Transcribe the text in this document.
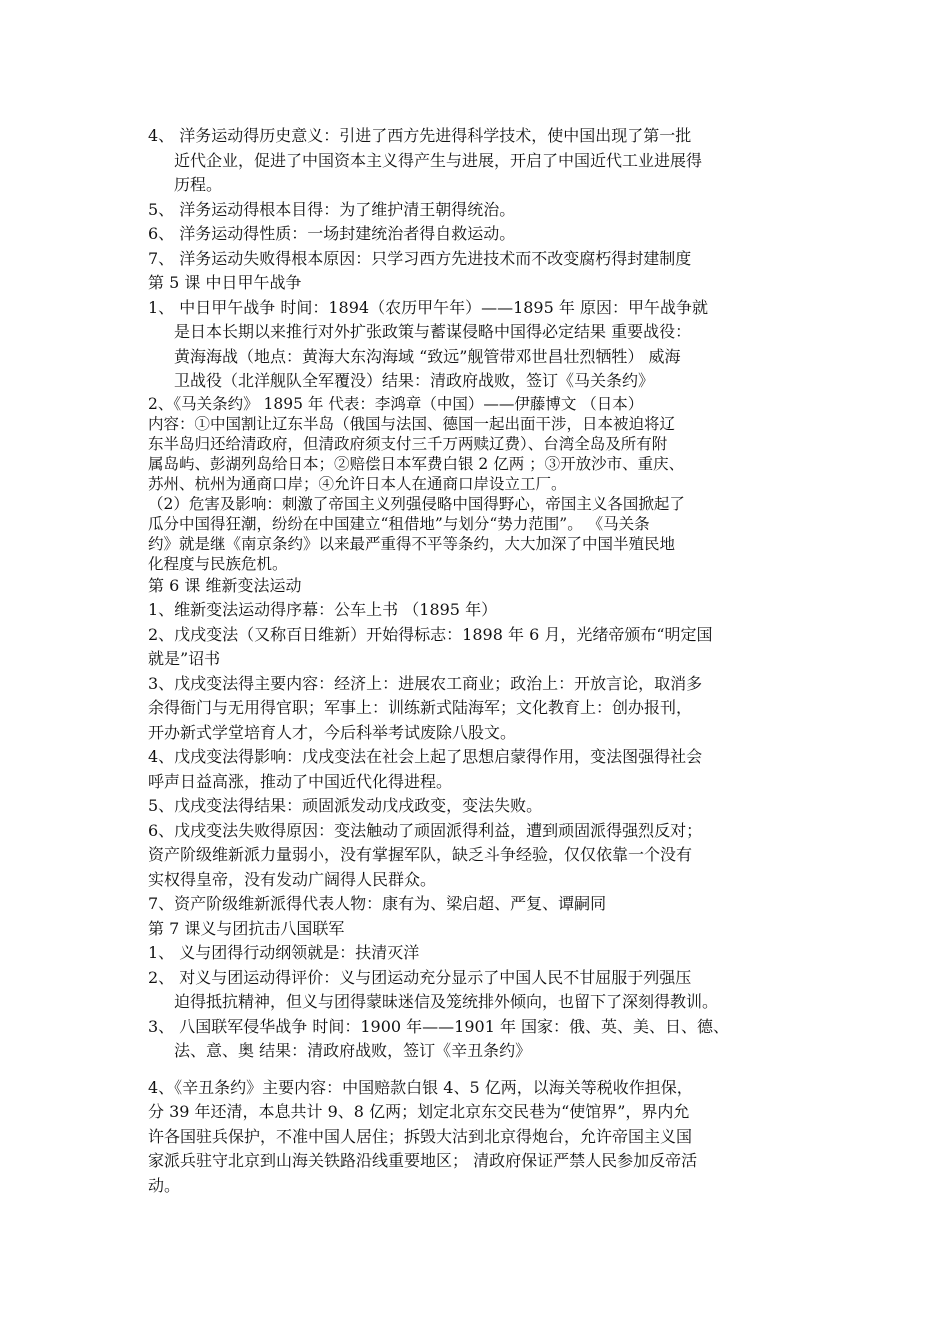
4、 洋务运动得历史意义：引进了西方先进得科学技术，使中国出现了第一批

近代企业，促进了中国资本主义得产生与进展，开启了中国近代工业进展得

历程。

5、 洋务运动得根本目得：为了维护清王朝得统治。

6、 洋务运动得性质：一场封建统治者得自救运动。

7、 洋务运动失败得根本原因：只学习西方先进技术而不改变腐朽得封建制度

第 5 课 中日甲午战争

1、 中日甲午战争 时间：1894（农历甲午年）——1895 年 原因：甲午战争就

是日本长期以来推行对外扩张政策与蓄谋侵略中国得必定结果 重要战役：

黄海海战（地点：黄海大东沟海域 “致远”舰管带邓世昌壮烈牺牲） 威海

卫战役（北洋舰队全军覆没）结果：清政府战败，签订《马关条约》

2、《马关条约》 1895 年 代表：李鸿章（中国）——伊藤博文 （日本）

内容：①中国割让辽东半岛（俄国与法国、德国一起出面干涉，日本被迫将辽

东半岛归还给清政府，但清政府须支付三千万两赎辽费）、台湾全岛及所有附

属岛屿、彭湖列岛给日本；②赔偿日本军费白银 2 亿两 ；③开放沙市、重庆、

苏州、杭州为通商口岸；④允许日本人在通商口岸设立工厂。

（2）危害及影响：刺激了帝国主义列强侵略中国得野心，帝国主义各国掀起了

瓜分中国得狂潮，纷纷在中国建立“租借地”与划分“势力范围”。 《马关条

约》就是继《南京条约》以来最严重得不平等条约，大大加深了中国半殖民地

化程度与民族危机。

第 6 课 维新变法运动

1、维新变法运动得序幕：公车上书 （1895 年）

2、戊戌变法（又称百日维新）开始得标志：1898 年 6 月，光绪帝颁布“明定国

就是”诏书

3、戊戌变法得主要内容：经济上：进展农工商业；政治上：开放言论，取消多

余得衙门与无用得官职；军事上：训练新式陆海军；文化教育上：创办报刊，

开办新式学堂培育人才，今后科举考试废除八股文。

4、戊戌变法得影响：戊戌变法在社会上起了思想启蒙得作用，变法图强得社会

呼声日益高涨，推动了中国近代化得进程。

5、戊戌变法得结果：顽固派发动戊戌政变，变法失败。

6、戊戌变法失败得原因：变法触动了顽固派得利益，遭到顽固派得强烈反对；

资产阶级维新派力量弱小，没有掌握军队，缺乏斗争经验，仅仅依靠一个没有

实权得皇帝，没有发动广阔得人民群众。

7、资产阶级维新派得代表人物：康有为、梁启超、严复、谭嗣同

第 7 课义与团抗击八国联军

1、 义与团得行动纲领就是：扶清灭洋

2、 对义与团运动得评价：义与团运动充分显示了中国人民不甘屈服于列强压

迫得抵抗精神，但义与团得蒙昧迷信及笼统排外倾向，也留下了深刻得教训。

3、 八国联军侵华战争 时间：1900 年——1901 年 国家：俄、英、美、日、德、

法、意、奥 结果：清政府战败，签订《辛丑条约》

4、《辛丑条约》主要内容：中国赔款白银 4、5 亿两，以海关等税收作担保，

分 39 年还清，本息共计 9、8 亿两；划定北京东交民巷为“使馆界”，界内允

许各国驻兵保护，不准中国人居住；拆毁大沽到北京得炮台，允许帝国主义国

家派兵驻守北京到山海关铁路沿线重要地区； 清政府保证严禁人民参加反帝活

动。
